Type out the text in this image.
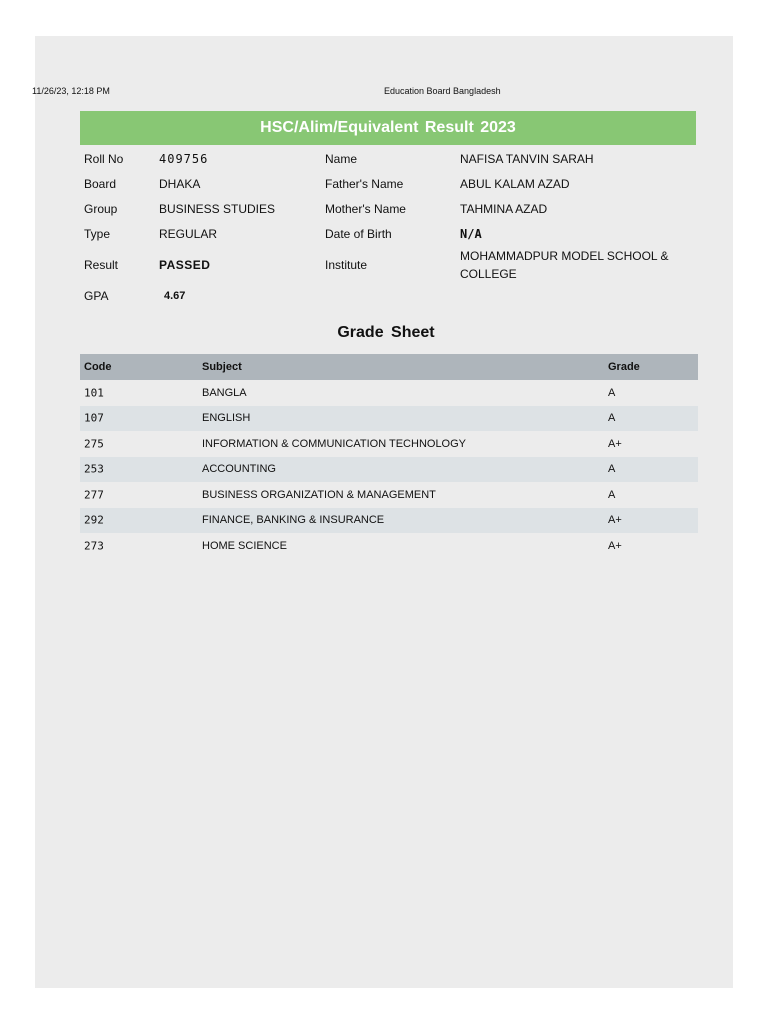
11/26/23, 12:18 PM	Education Board Bangladesh
HSC/Alim/Equivalent Result 2023
Roll No	409756	Name	NAFISA TANVIN SARAH
Board	DHAKA	Father's Name	ABUL KALAM AZAD
Group	BUSINESS STUDIES	Mother's Name	TAHMINA AZAD
Type	REGULAR	Date of Birth	N/A
Result	PASSED	Institute
MOHAMMADPUR MODEL SCHOOL & COLLEGE
GPA	4.67
Grade Sheet
Code	Subject	Grade
101	BANGLA	A
107	ENGLISH	A
275	INFORMATION & COMMUNICATION TECHNOLOGY	A+
253	ACCOUNTING	A
277	BUSINESS ORGANIZATION & MANAGEMENT	A
292	FINANCE, BANKING & INSURANCE	A+
273	HOME SCIENCE	A+
